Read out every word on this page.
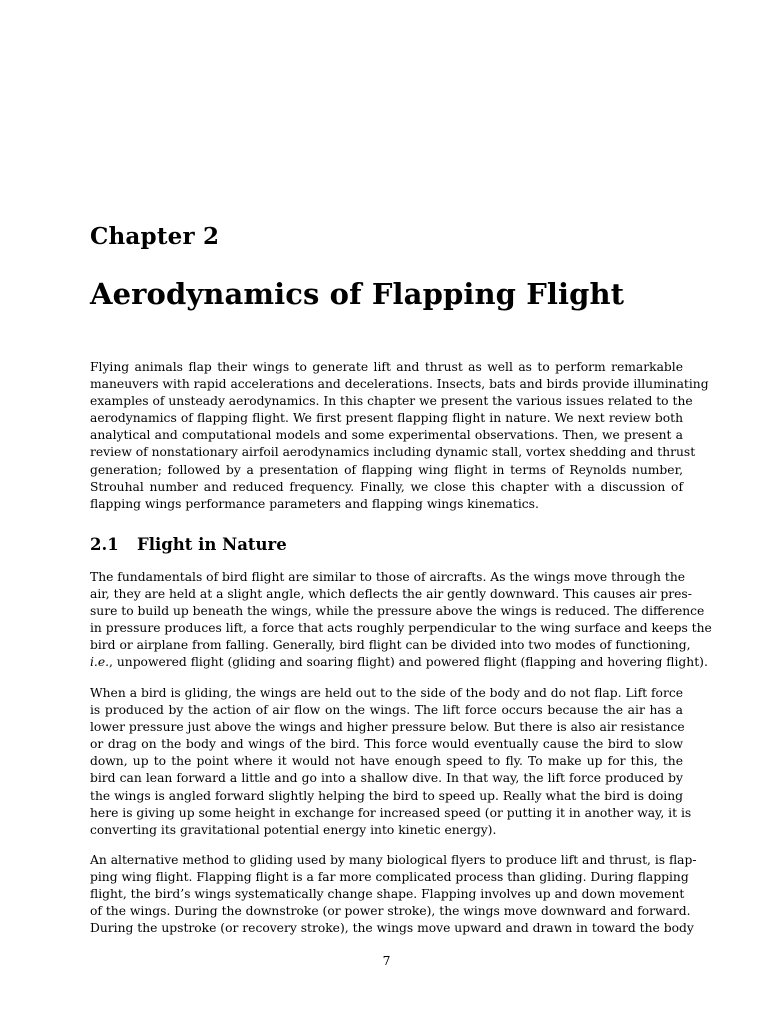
Chapter 2
Aerodynamics of Flapping Flight

Flying animals flap their wings to generate lift and thrust as well as to perform remarkable
maneuvers with rapid accelerations and decelerations. Insects, bats and birds provide illuminating
examples of unsteady aerodynamics. In this chapter we present the various issues related to the
aerodynamics of flapping flight. We first present flapping flight in nature. We next review both
analytical and computational models and some experimental observations. Then, we present a
review of nonstationary airfoil aerodynamics including dynamic stall, vortex shedding and thrust
generation; followed by a presentation of flapping wing flight in terms of Reynolds number,
Strouhal number and reduced frequency. Finally, we close this chapter with a discussion of
flapping wings performance parameters and flapping wings kinematics.

2.1 Flight in Nature

The fundamentals of bird flight are similar to those of aircrafts. As the wings move through the
air, they are held at a slight angle, which deflects the air gently downward. This causes air pres-
sure to build up beneath the wings, while the pressure above the wings is reduced. The difference
in pressure produces lift, a force that acts roughly perpendicular to the wing surface and keeps the
bird or airplane from falling. Generally, bird flight can be divided into two modes of functioning,
i.e., unpowered flight (gliding and soaring flight) and powered flight (flapping and hovering flight).

When a bird is gliding, the wings are held out to the side of the body and do not flap. Lift force
is produced by the action of air flow on the wings. The lift force occurs because the air has a
lower pressure just above the wings and higher pressure below. But there is also air resistance
or drag on the body and wings of the bird. This force would eventually cause the bird to slow
down, up to the point where it would not have enough speed to fly. To make up for this, the
bird can lean forward a little and go into a shallow dive. In that way, the lift force produced by
the wings is angled forward slightly helping the bird to speed up. Really what the bird is doing
here is giving up some height in exchange for increased speed (or putting it in another way, it is
converting its gravitational potential energy into kinetic energy).

An alternative method to gliding used by many biological flyers to produce lift and thrust, is flap-
ping wing flight. Flapping flight is a far more complicated process than gliding. During flapping
flight, the bird’s wings systematically change shape. Flapping involves up and down movement
of the wings. During the downstroke (or power stroke), the wings move downward and forward.
During the upstroke (or recovery stroke), the wings move upward and drawn in toward the body

7
